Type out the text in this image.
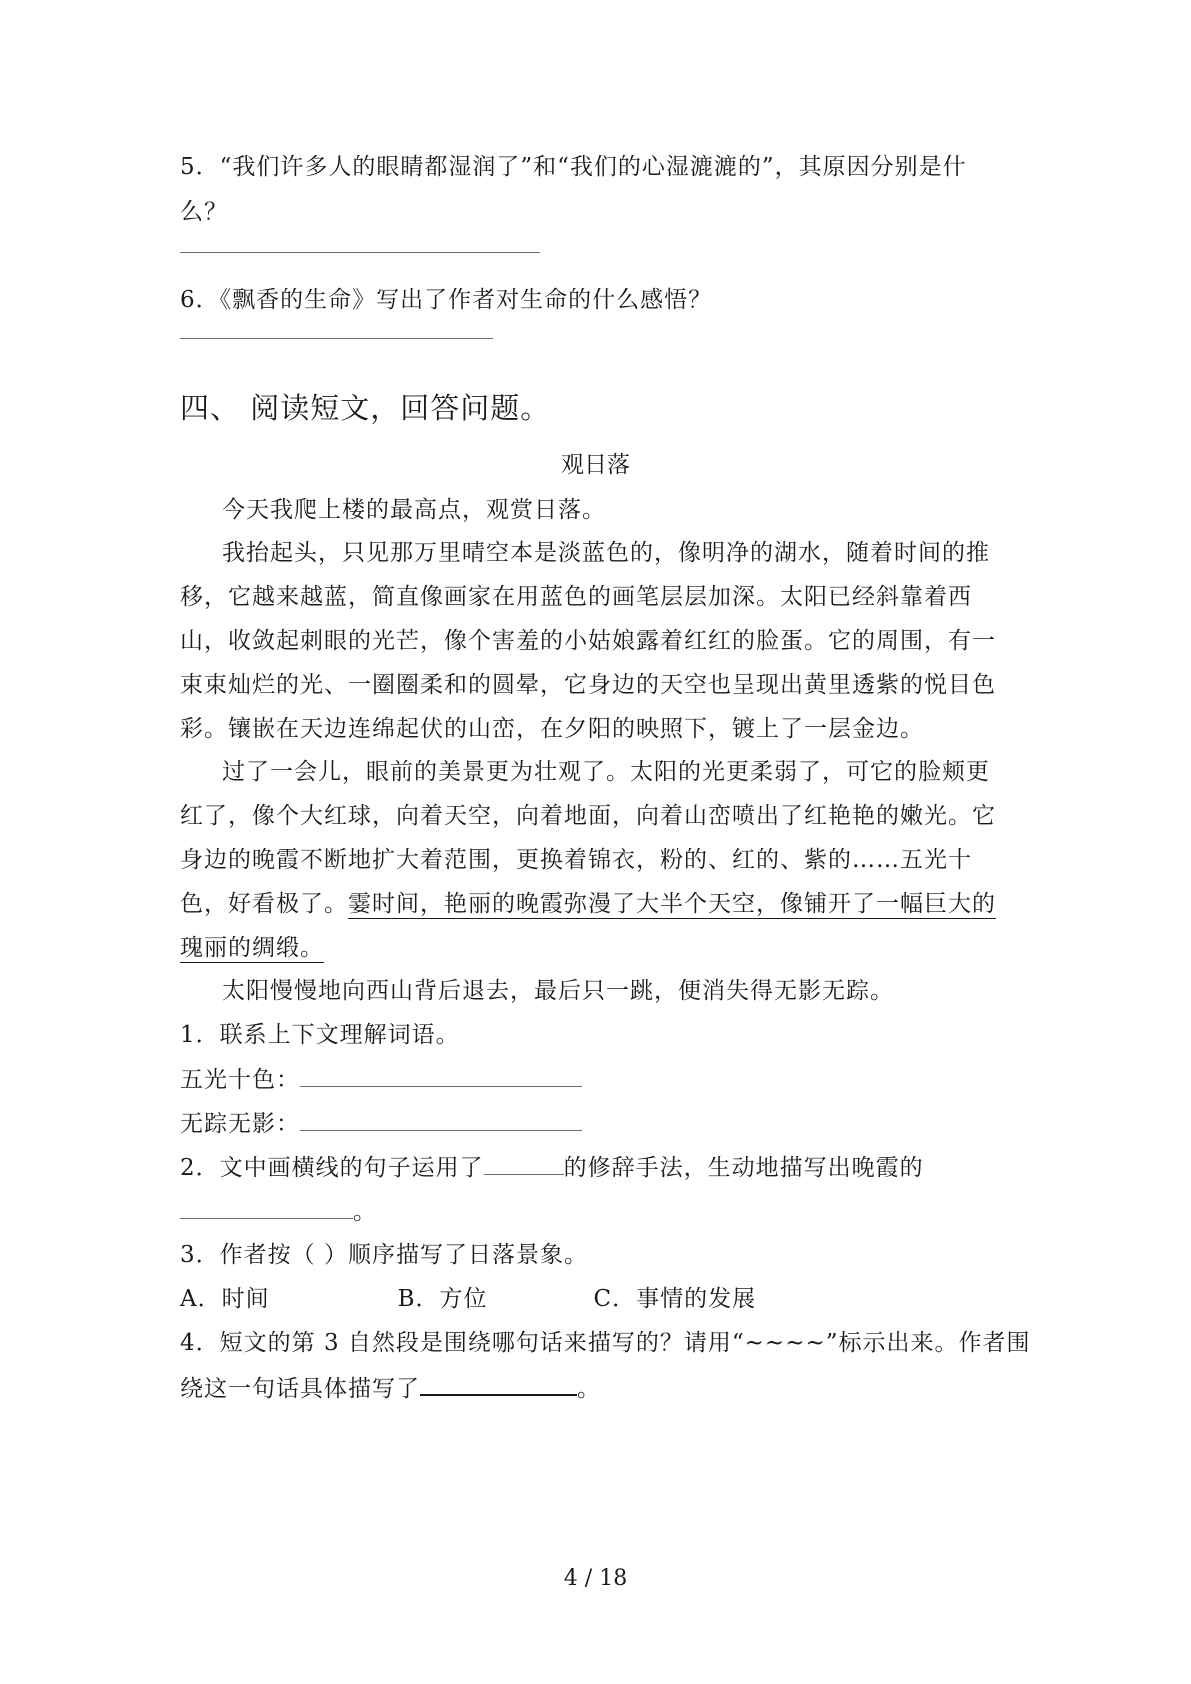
5．“我们许多人的眼睛都湿润了”和“我们的心湿漉漉的”，其原因分别是什
么？
6．《飘香的生命》写出了作者对生命的什么感悟？
四、 阅读短文，回答问题。
观日落
今天我爬上楼的最高点，观赏日落。
我抬起头，只见那万里晴空本是淡蓝色的，像明净的湖水，随着时间的推
移，它越来越蓝，简直像画家在用蓝色的画笔层层加深。太阳已经斜靠着西
山，收敛起刺眼的光芒，像个害羞的小姑娘露着红红的脸蛋。它的周围，有一
束束灿烂的光、一圈圈柔和的圆晕，它身边的天空也呈现出黄里透紫的悦目色
彩。镶嵌在天边连绵起伏的山峦，在夕阳的映照下，镀上了一层金边。
过了一会儿，眼前的美景更为壮观了。太阳的光更柔弱了，可它的脸颊更
红了，像个大红球，向着天空，向着地面，向着山峦喷出了红艳艳的嫩光。它
身边的晚霞不断地扩大着范围，更换着锦衣，粉的、红的、紫的……五光十
色，好看极了。霎时间，艳丽的晚霞弥漫了大半个天空，像铺开了一幅巨大的
瑰丽的绸缎。
太阳慢慢地向西山背后退去，最后只一跳，便消失得无影无踪。
1．联系上下文理解词语。
五光十色：
无踪无影：
2．文中画横线的句子运用了	的修辞手法，生动地描写出晚霞的
。
3．作者按（ ）顺序描写了日落景象。
A．时间	B．方位	C．事情的发展
4．短文的第 3 自然段是围绕哪句话来描写的？请用“~~~~”标示出来。作者围
绕这一句话具体描写了	。
4 / 18
